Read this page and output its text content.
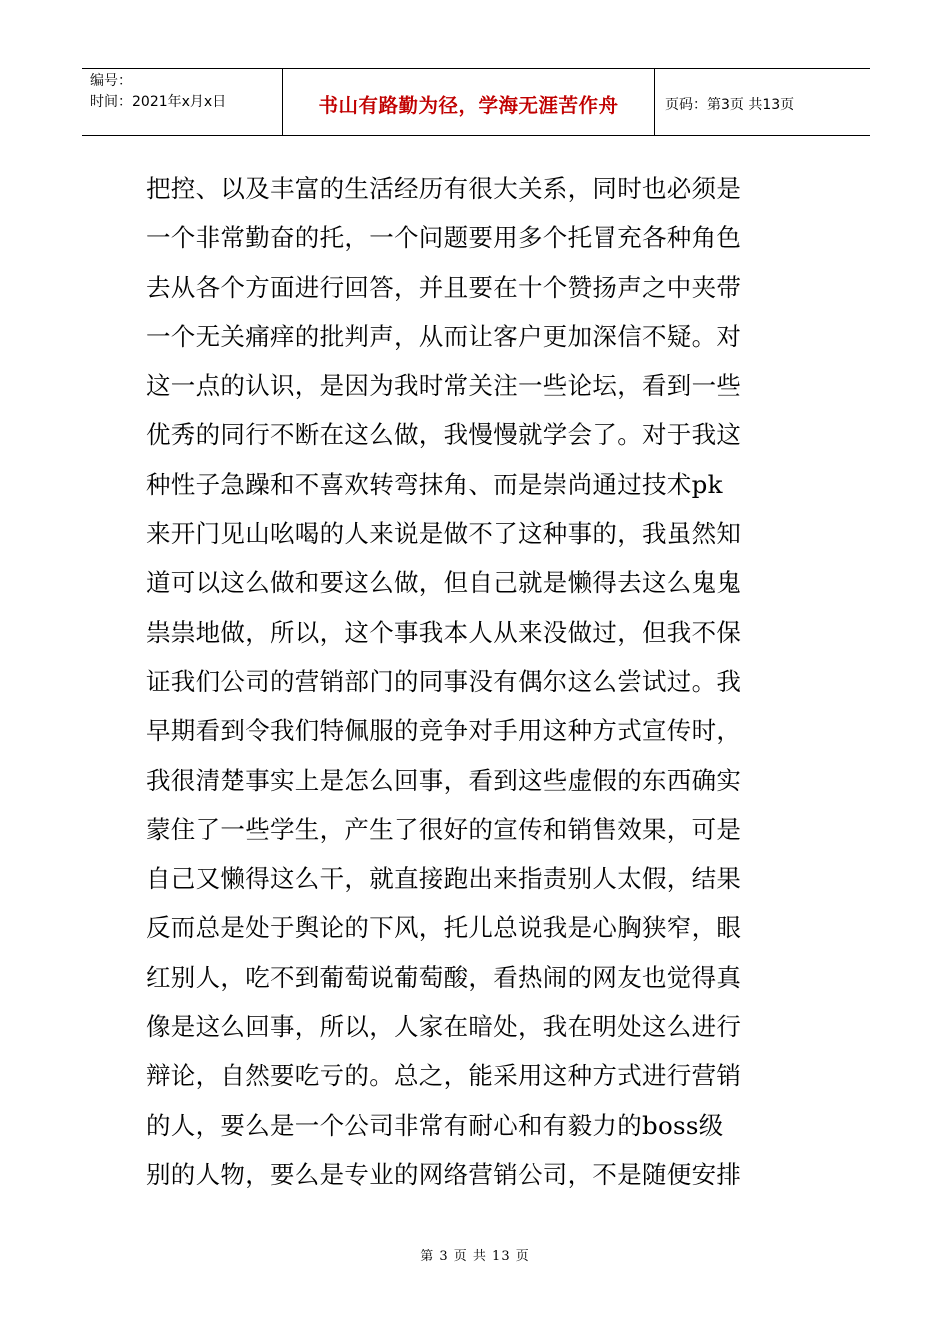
编号：
时间：2021年x月x日	书山有路勤为径，学海无涯苦作舟	页码：第3页 共13页
把控、以及丰富的生活经历有很大关系，同时也必须是
一个非常勤奋的托，一个问题要用多个托冒充各种角色
去从各个方面进行回答，并且要在十个赞扬声之中夹带
一个无关痛痒的批判声，从而让客户更加深信不疑。对
这一点的认识，是因为我时常关注一些论坛，看到一些
优秀的同行不断在这么做，我慢慢就学会了。对于我这
种性子急躁和不喜欢转弯抹角、而是崇尚通过技术pk
来开门见山吆喝的人来说是做不了这种事的，我虽然知
道可以这么做和要这么做，但自己就是懒得去这么鬼鬼
祟祟地做，所以，这个事我本人从来没做过，但我不保
证我们公司的营销部门的同事没有偶尔这么尝试过。我
早期看到令我们特佩服的竞争对手用这种方式宣传时，
我很清楚事实上是怎么回事，看到这些虚假的东西确实
蒙住了一些学生，产生了很好的宣传和销售效果，可是
自己又懒得这么干，就直接跑出来指责别人太假，结果
反而总是处于舆论的下风，托儿总说我是心胸狭窄，眼
红别人，吃不到葡萄说葡萄酸，看热闹的网友也觉得真
像是这么回事，所以，人家在暗处，我在明处这么进行
辩论，自然要吃亏的。总之，能采用这种方式进行营销
的人，要么是一个公司非常有耐心和有毅力的boss级
别的人物，要么是专业的网络营销公司，不是随便安排
第 3 页 共 13 页
